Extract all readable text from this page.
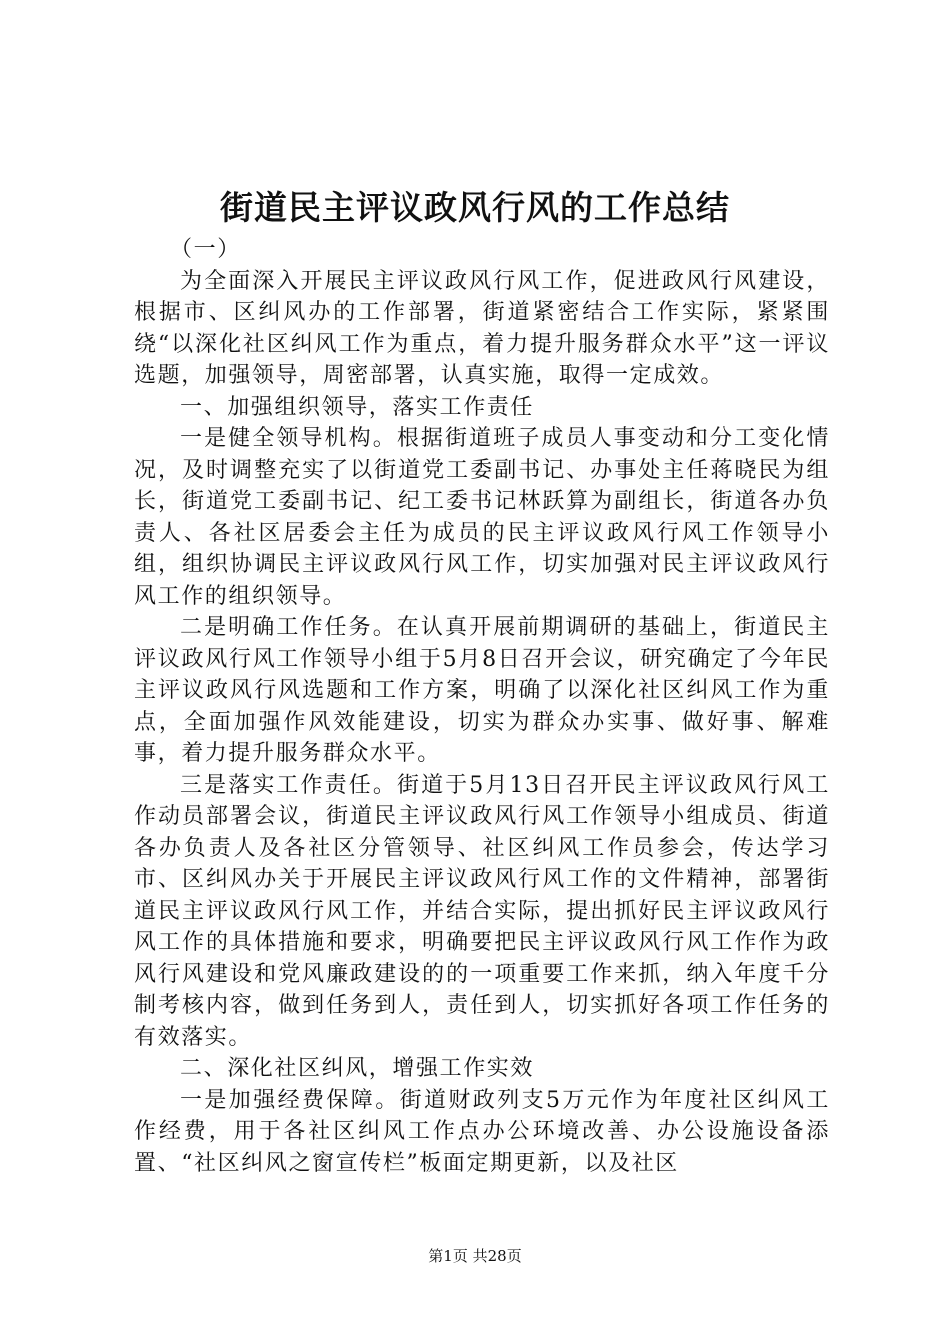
街道民主评议政风行风的工作总结

（一）

为全面深入开展民主评议政风行风工作，促进政风行风建设，根据市、区纠风办的工作部署，街道紧密结合工作实际，紧紧围绕“以深化社区纠风工作为重点，着力提升服务群众水平”这一评议选题，加强领导，周密部署，认真实施，取得一定成效。

一、加强组织领导，落实工作责任

一是健全领导机构。根据街道班子成员人事变动和分工变化情况，及时调整充实了以街道党工委副书记、办事处主任蒋晓民为组长，街道党工委副书记、纪工委书记林跃算为副组长，街道各办负责人、各社区居委会主任为成员的民主评议政风行风工作领导小组，组织协调民主评议政风行风工作，切实加强对民主评议政风行风工作的组织领导。

二是明确工作任务。在认真开展前期调研的基础上，街道民主评议政风行风工作领导小组于5月8日召开会议，研究确定了今年民主评议政风行风选题和工作方案，明确了以深化社区纠风工作为重点，全面加强作风效能建设，切实为群众办实事、做好事、解难事，着力提升服务群众水平。

三是落实工作责任。街道于5月13日召开民主评议政风行风工作动员部署会议，街道民主评议政风行风工作领导小组成员、街道各办负责人及各社区分管领导、社区纠风工作员参会，传达学习市、区纠风办关于开展民主评议政风行风工作的文件精神，部署街道民主评议政风行风工作，并结合实际，提出抓好民主评议政风行风工作的具体措施和要求，明确要把民主评议政风行风工作作为政风行风建设和党风廉政建设的的一项重要工作来抓，纳入年度千分制考核内容，做到任务到人，责任到人，切实抓好各项工作任务的有效落实。

二、深化社区纠风，增强工作实效

一是加强经费保障。街道财政列支5万元作为年度社区纠风工作经费，用于各社区纠风工作点办公环境改善、办公设施设备添置、“社区纠风之窗宣传栏”板面定期更新，以及社区

第1页 共28页
